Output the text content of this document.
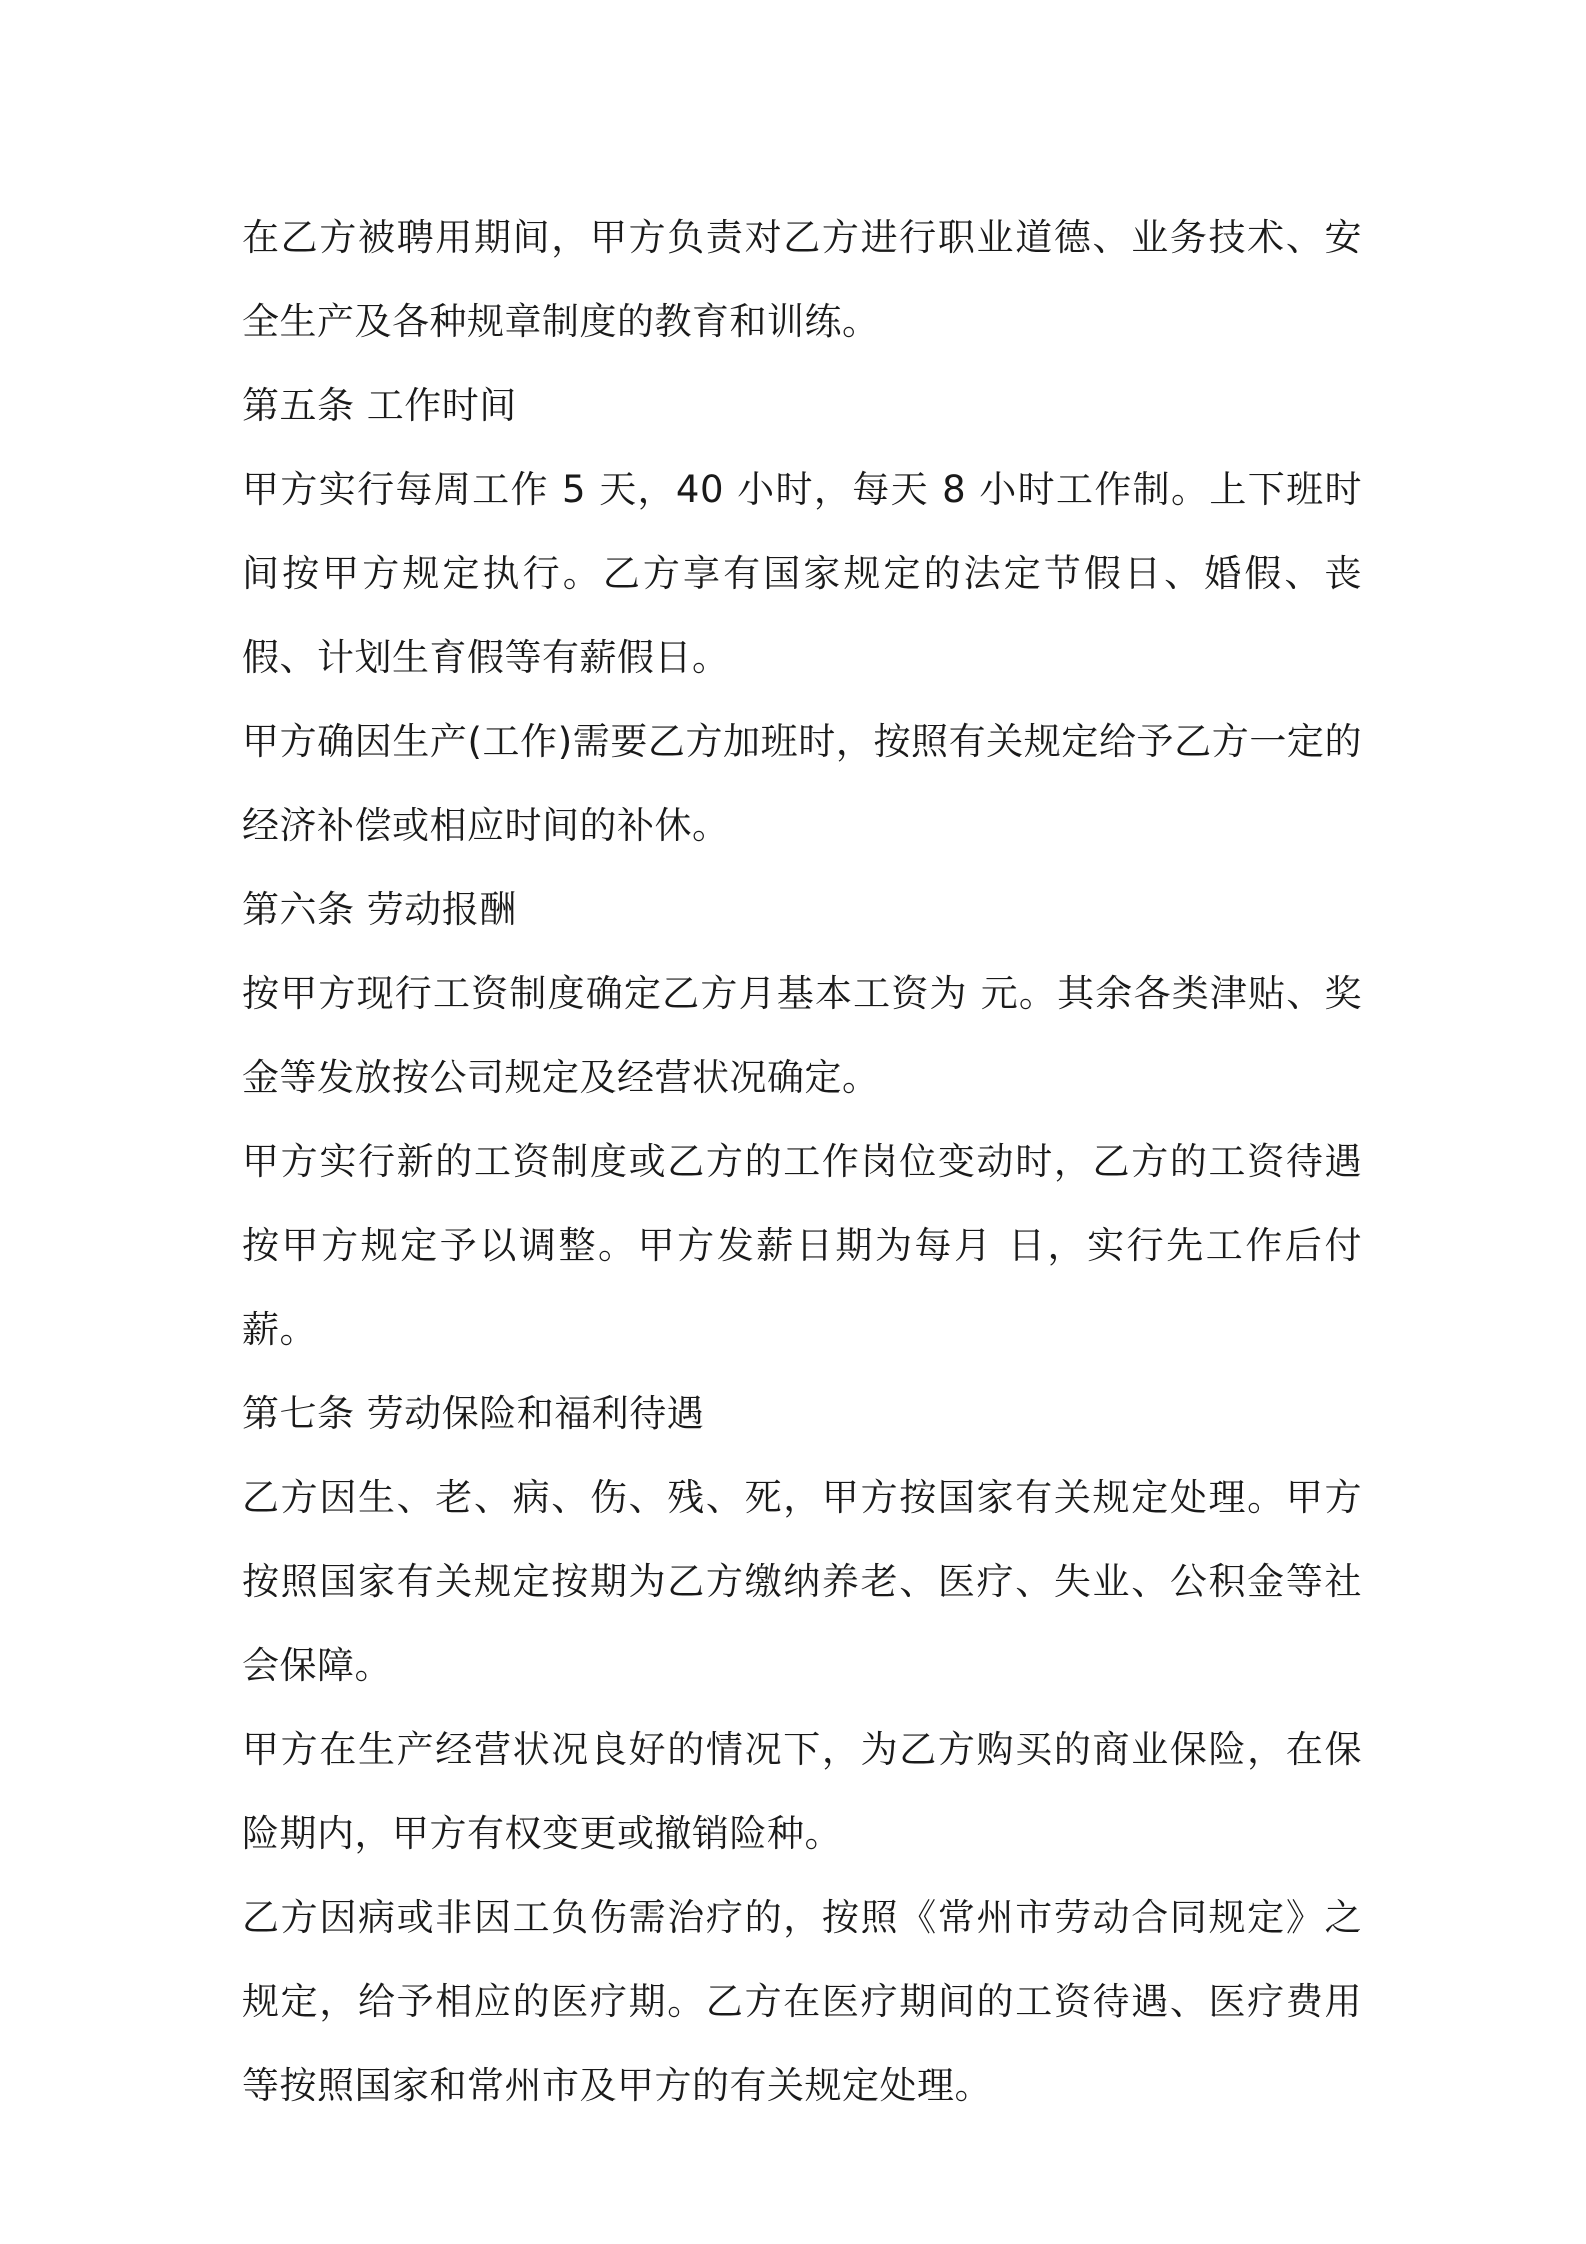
在乙方被聘用期间，甲方负责对乙方进行职业道德、业务技术、安全生产及各种规章制度的教育和训练。

第五条 工作时间

甲方实行每周工作 5 天，40 小时，每天 8 小时工作制。上下班时间按甲方规定执行。乙方享有国家规定的法定节假日、婚假、丧假、计划生育假等有薪假日。

甲方确因生产(工作)需要乙方加班时，按照有关规定给予乙方一定的经济补偿或相应时间的补休。

第六条 劳动报酬

按甲方现行工资制度确定乙方月基本工资为 元。其余各类津贴、奖金等发放按公司规定及经营状况确定。

甲方实行新的工资制度或乙方的工作岗位变动时，乙方的工资待遇按甲方规定予以调整。甲方发薪日期为每月 日，实行先工作后付薪。

第七条 劳动保险和福利待遇

乙方因生、老、病、伤、残、死，甲方按国家有关规定处理。甲方按照国家有关规定按期为乙方缴纳养老、医疗、失业、公积金等社会保障。

甲方在生产经营状况良好的情况下，为乙方购买的商业保险，在保险期内，甲方有权变更或撤销险种。

乙方因病或非因工负伤需治疗的，按照《常州市劳动合同规定》之规定，给予相应的医疗期。乙方在医疗期间的工资待遇、医疗费用等按照国家和常州市及甲方的有关规定处理。
